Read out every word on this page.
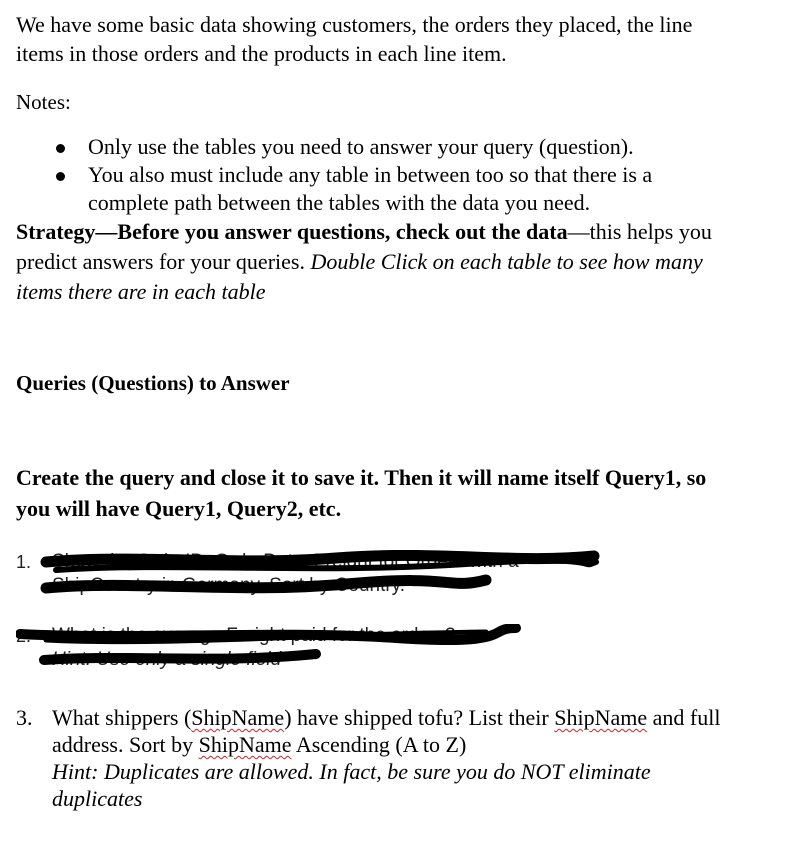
We have some basic data showing customers, the orders they placed, the line items in those orders and the products in each line item.

Notes:

Only use the tables you need to answer your query (question).
You also must include any table in between too so that there is a complete path between the tables with the data you need.

Strategy—Before you answer questions, check out the data—this helps you predict answers for your queries. Double Click on each table to see how many items there are in each table

Queries (Questions) to Answer

Create the query and close it to save it. Then it will name itself Query1, so you will have Query1, Query2, etc.

1. Show the OrderID, OrderDate, Freight for Orders with a
ShipCountry in Germany. Sort by Country.
2. What is the average Freight paid for the orders?
Hint: Use only a single field
3. What shippers (ShipName) have shipped tofu? List their ShipName and full address. Sort by ShipName Ascending (A to Z)
Hint: Duplicates are allowed. In fact, be sure you do NOT eliminate duplicates
